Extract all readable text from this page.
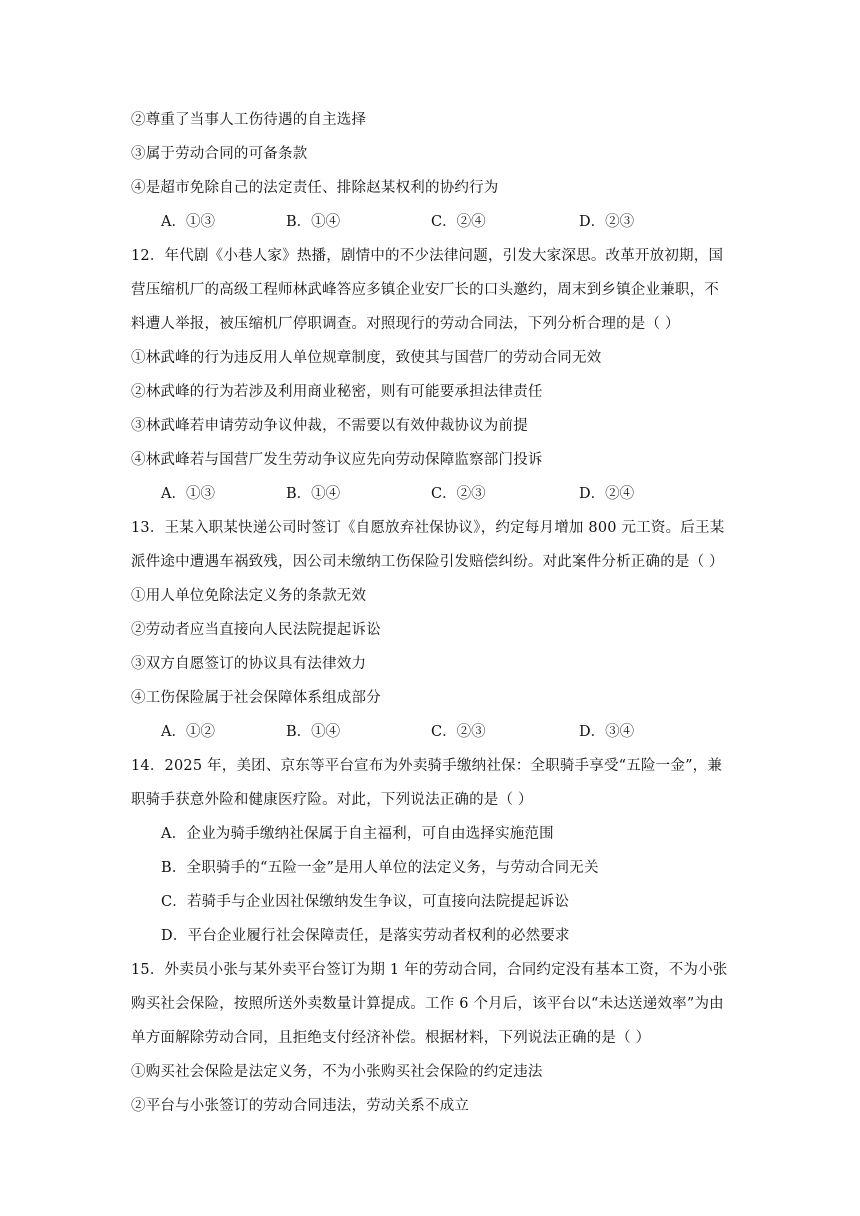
②尊重了当事人工伤待遇的自主选择
③属于劳动合同的可备条款
④是超市免除自己的法定责任、排除赵某权利的协约行为
A．①③	B．①④	C．②④	D．②③
12．年代剧《小巷人家》热播，剧情中的不少法律问题，引发大家深思。改革开放初期，国
营压缩机厂的高级工程师林武峰答应多镇企业安厂长的口头邀约，周末到乡镇企业兼职，不
料遭人举报，被压缩机厂停职调查。对照现行的劳动合同法，下列分析合理的是（ ）
①林武峰的行为违反用人单位规章制度，致使其与国营厂的劳动合同无效
②林武峰的行为若涉及利用商业秘密，则有可能要承担法律责任
③林武峰若申请劳动争议仲裁，不需要以有效仲裁协议为前提
④林武峰若与国营厂发生劳动争议应先向劳动保障监察部门投诉
A．①③	B．①④	C．②③	D．②④
13．王某入职某快递公司时签订《自愿放弃社保协议》，约定每月增加 800 元工资。后王某
派件途中遭遇车祸致残，因公司未缴纳工伤保险引发赔偿纠纷。对此案件分析正确的是（ ）
①用人单位免除法定义务的条款无效
②劳动者应当直接向人民法院提起诉讼
③双方自愿签订的协议具有法律效力
④工伤保险属于社会保障体系组成部分
A．①②	B．①④	C．②③	D．③④
14．2025 年，美团、京东等平台宣布为外卖骑手缴纳社保：全职骑手享受“五险一金”，兼
职骑手获意外险和健康医疗险。对此，下列说法正确的是（ ）
A．企业为骑手缴纳社保属于自主福利，可自由选择实施范围
B．全职骑手的“五险一金”是用人单位的法定义务，与劳动合同无关
C．若骑手与企业因社保缴纳发生争议，可直接向法院提起诉讼
D．平台企业履行社会保障责任，是落实劳动者权利的必然要求
15．外卖员小张与某外卖平台签订为期 1 年的劳动合同，合同约定没有基本工资，不为小张
购买社会保险，按照所送外卖数量计算提成。工作 6 个月后，该平台以“未达送递效率”为由
单方面解除劳动合同，且拒绝支付经济补偿。根据材料，下列说法正确的是（ ）
①购买社会保险是法定义务，不为小张购买社会保险的约定违法
②平台与小张签订的劳动合同违法，劳动关系不成立
